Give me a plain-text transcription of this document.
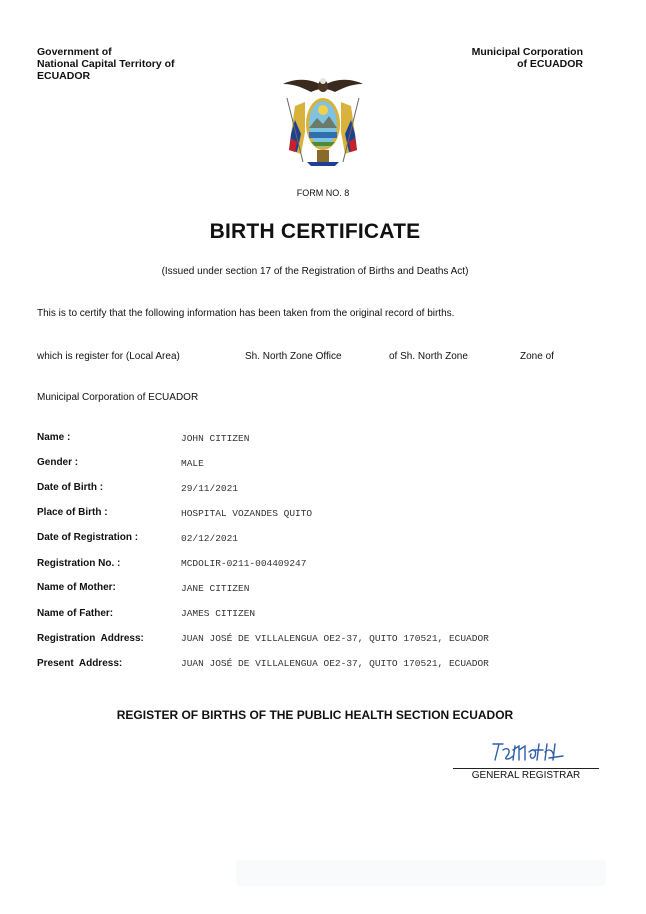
Government of
National Capital Territory of
ECUADOR
Municipal Corporation
of ECUADOR
FORM NO. 8
BIRTH CERTIFICATE
(Issued under section 17 of the Registration of Births and Deaths Act)
This is to certify that the following information has been taken from the original record of births.
which is register for (Local Area)	Sh. North Zone Office	of Sh. North Zone	Zone of
Municipal Corporation of ECUADOR
Name :	JOHN CITIZEN
Gender :	MALE
Date of Birth :	29/11/2021
Place of Birth :	HOSPITAL VOZANDES QUITO
Date of Registration :	02/12/2021
Registration No. :	MCDOLIR-0211-004409247
Name of Mother:	JANE CITIZEN
Name of Father:	JAMES CITIZEN
Registration  Address:	JUAN JOSÉ DE VILLALENGUA OE2-37, QUITO 170521, ECUADOR
Present  Address:	JUAN JOSÉ DE VILLALENGUA OE2-37, QUITO 170521, ECUADOR
REGISTER OF BIRTHS OF THE PUBLIC HEALTH SECTION ECUADOR
GENERAL REGISTRAR
